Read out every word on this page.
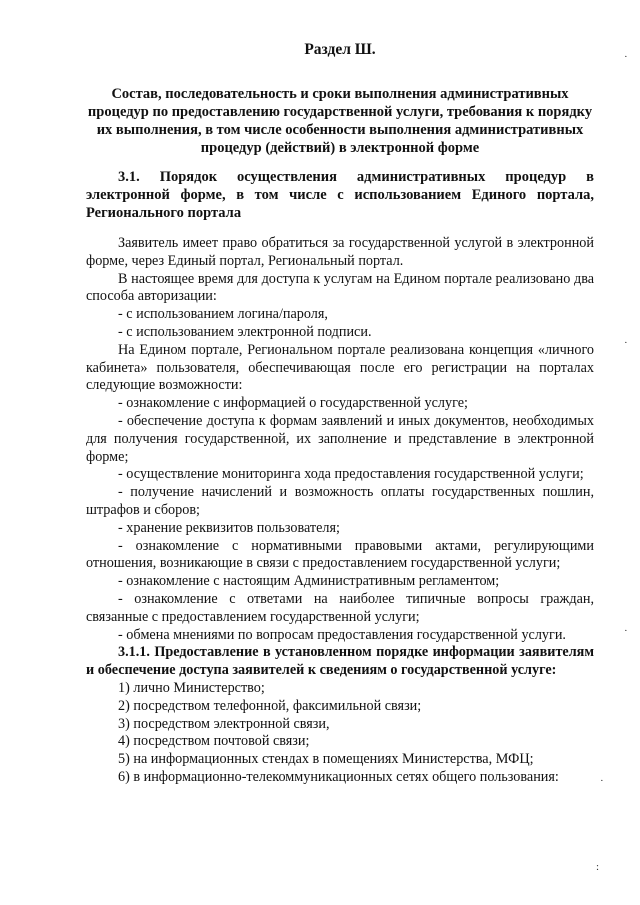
Раздел Ш.
Состав, последовательность и сроки выполнения административных процедур по предоставлению государственной услуги, требования к порядку их выполнения, в том числе особенности выполнения административных процедур (действий) в электронной форме
3.1. Порядок осуществления административных процедур в электронной форме, в том числе с использованием Единого портала, Регионального портала

Заявитель имеет право обратиться за государственной услугой в электронной форме, через Единый портал, Региональный портал.

В настоящее время для доступа к услугам на Едином портале реализовано два способа авторизации:

- с использованием логина/пароля,

- с использованием электронной подписи.

На Едином портале, Региональном портале реализована концепция «личного кабинета» пользователя, обеспечивающая после его регистрации на порталах следующие возможности:

- ознакомление с информацией о государственной услуге;

- обеспечение доступа к формам заявлений и иных документов, необходимых для получения государственной, их заполнение и представление в электронной форме;

- осуществление мониторинга хода предоставления государственной услуги;

- получение начислений и возможность оплаты государственных пошлин, штрафов и сборов;

- хранение реквизитов пользователя;

- ознакомление с нормативными правовыми актами, регулирующими отношения, возникающие в связи с предоставлением государственной услуги;

- ознакомление с настоящим Административным регламентом;

- ознакомление с ответами на наиболее типичные вопросы граждан, связанные с предоставлением государственной услуги;

- обмена мнениями по вопросам предоставления государственной услуги.

3.1.1. Предоставление в установленном порядке информации заявителям и обеспечение доступа заявителей к сведениям о государственной услуге:

1) лично Министерство;

2) посредством телефонной, факсимильной связи;

3) посредством электронной связи,

4) посредством почтовой связи;

5) на информационных стендах в помещениях Министерства, МФЦ;

6) в информационно-телекоммуникационных сетях общего пользования:

·
·
·
·
:
